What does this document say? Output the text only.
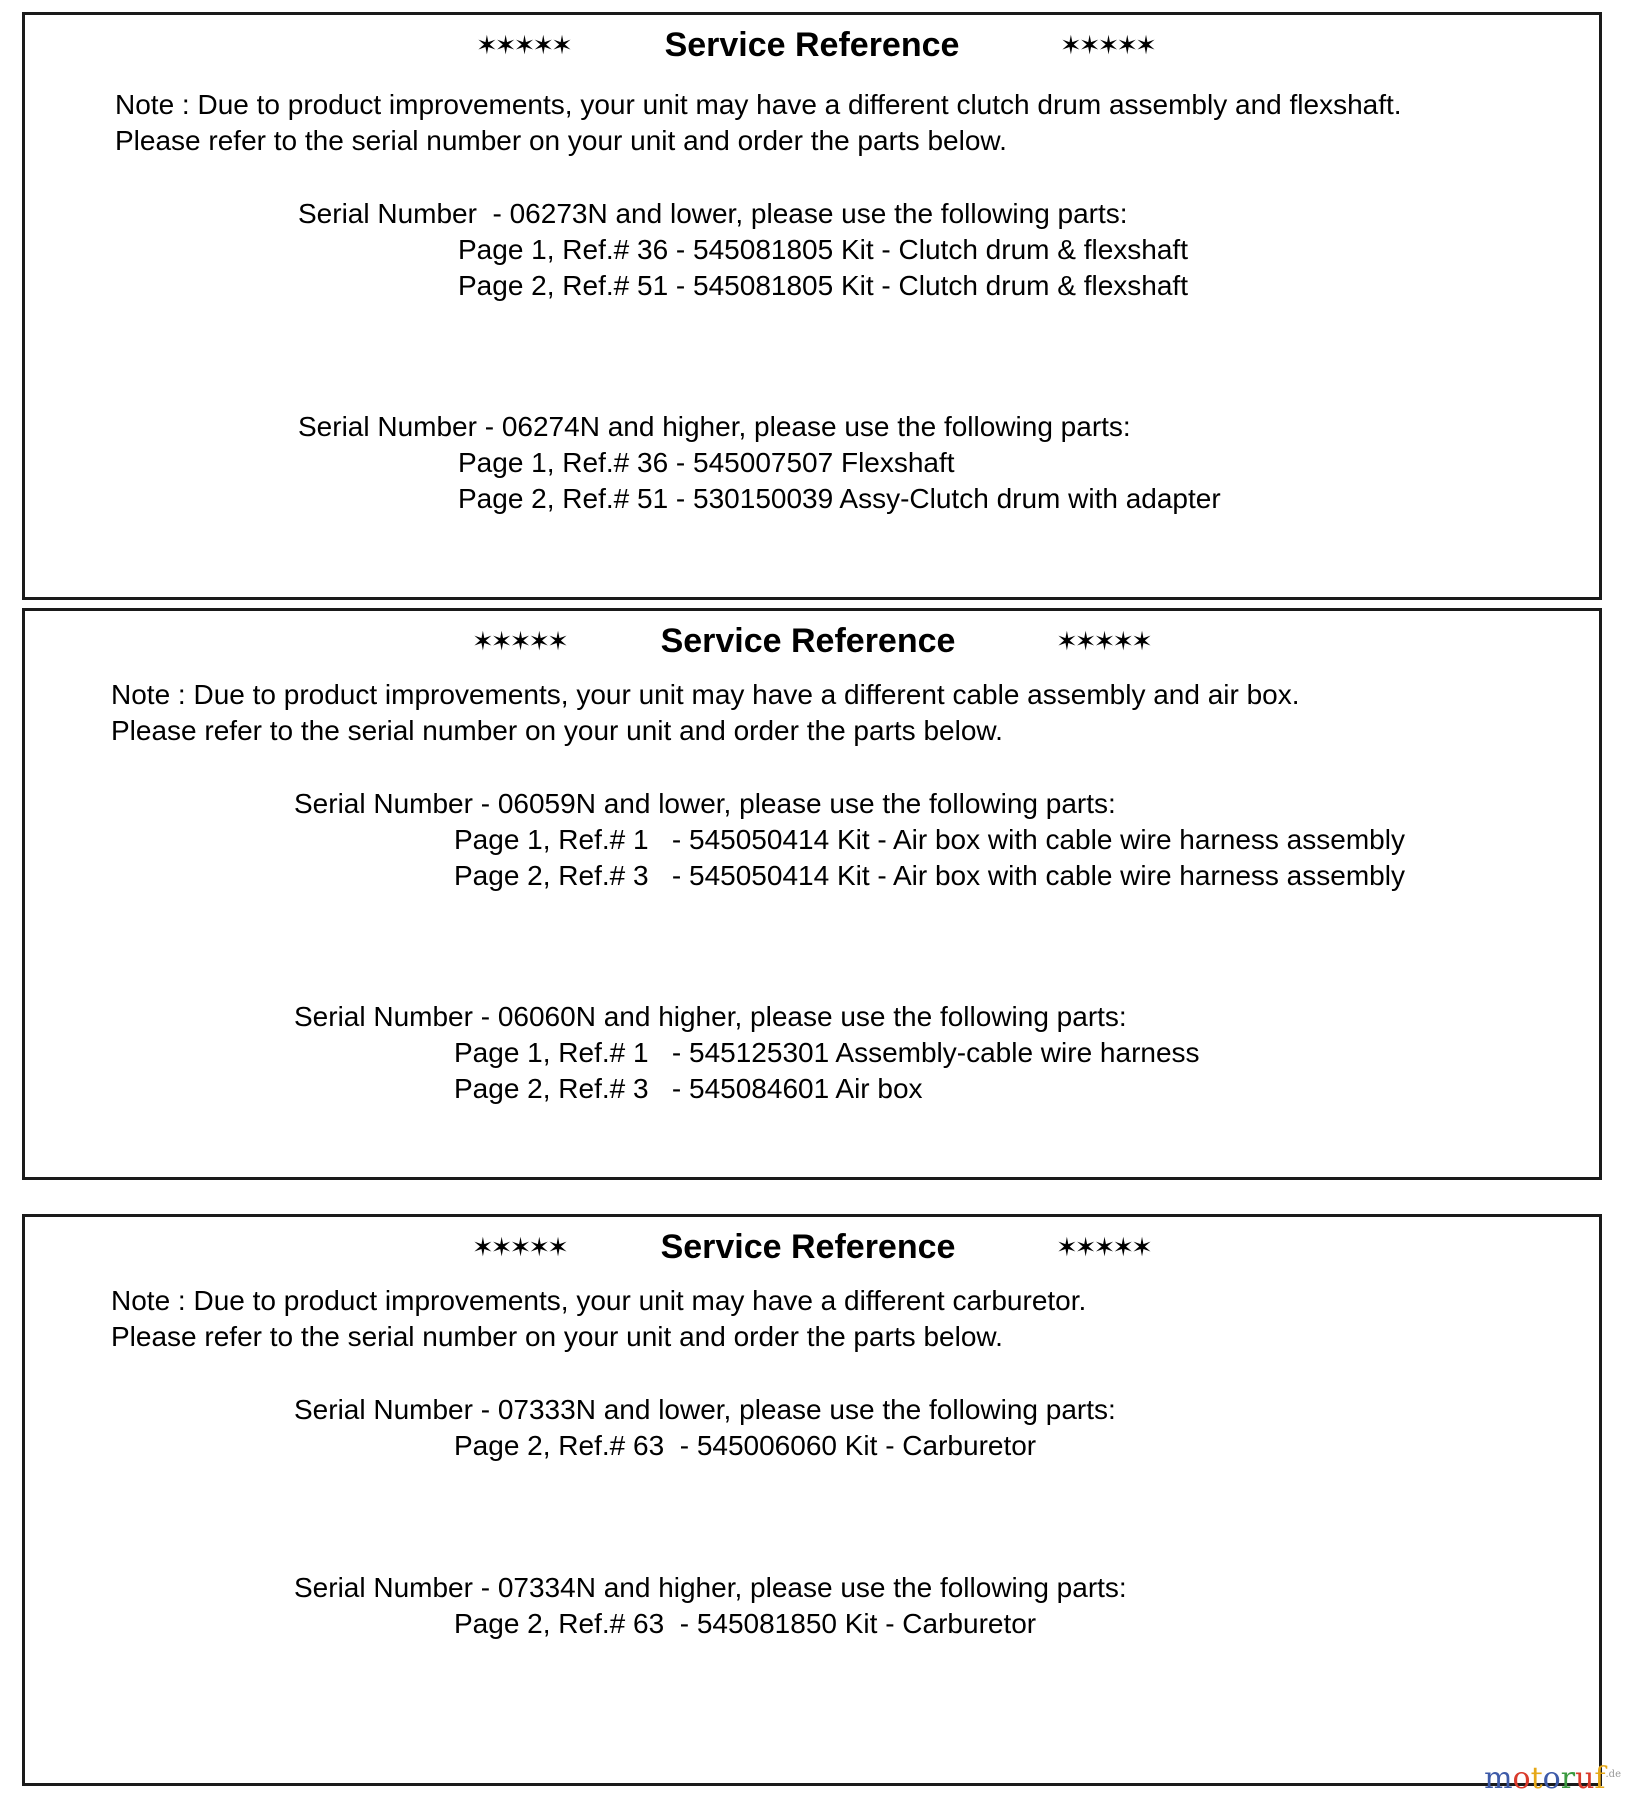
✶✶✶✶✶	Service Reference	✶✶✶✶✶
Note : Due to product improvements, your unit may have a different clutch drum assembly and flexshaft.
Please refer to the serial number on your unit and order the parts below.
Serial Number  - 06273N and lower, please use the following parts:
Page 1, Ref.# 36 - 545081805 Kit - Clutch drum & flexshaft
Page 2, Ref.# 51 - 545081805 Kit - Clutch drum & flexshaft
Serial Number - 06274N and higher, please use the following parts:
Page 1, Ref.# 36 - 545007507 Flexshaft
Page 2, Ref.# 51 - 530150039 Assy-Clutch drum with adapter
✶✶✶✶✶	Service Reference	✶✶✶✶✶
Note : Due to product improvements, your unit may have a different cable assembly and air box.
Please refer to the serial number on your unit and order the parts below.
Serial Number - 06059N and lower, please use the following parts:
Page 1, Ref.# 1   - 545050414 Kit - Air box with cable wire harness assembly
Page 2, Ref.# 3   - 545050414 Kit - Air box with cable wire harness assembly
Serial Number - 06060N and higher, please use the following parts:
Page 1, Ref.# 1   - 545125301 Assembly-cable wire harness
Page 2, Ref.# 3   - 545084601 Air box
✶✶✶✶✶	Service Reference	✶✶✶✶✶
Note : Due to product improvements, your unit may have a different carburetor.
Please refer to the serial number on your unit and order the parts below.
Serial Number - 07333N and lower, please use the following parts:
Page 2, Ref.# 63  - 545006060 Kit - Carburetor
Serial Number - 07334N and higher, please use the following parts:
Page 2, Ref.# 63  - 545081850 Kit - Carburetor
motoruf.de
